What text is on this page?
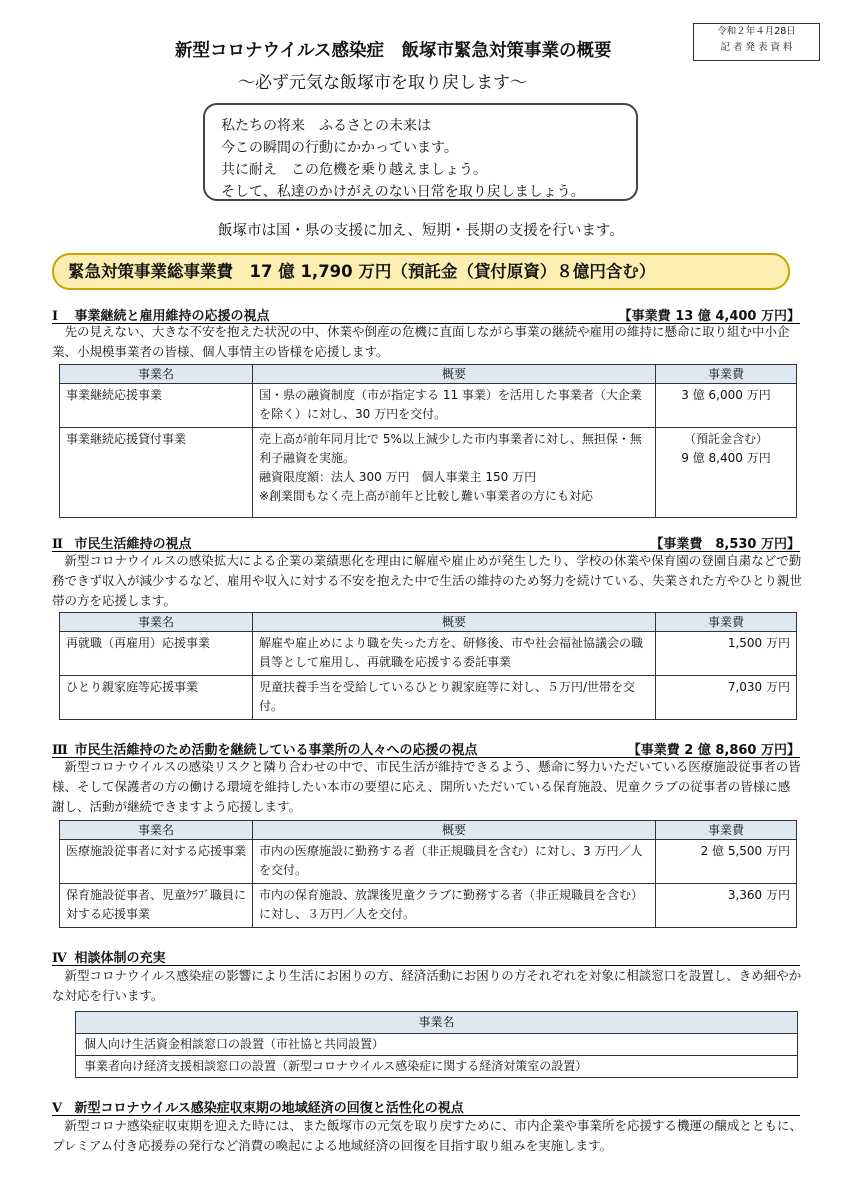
令和２年４月28日
記 者 発 表 資 料
新型コロナウイルス感染症　飯塚市緊急対策事業の概要
～必ず元気な飯塚市を取り戻します～
私たちの将来　ふるさとの未来は
今この瞬間の行動にかかっています。
共に耐え　この危機を乗り越えましょう。
そして、私達のかけがえのない日常を取り戻しましょう。
飯塚市は国・県の支援に加え、短期・長期の支援を行います。
緊急対策事業総事業費　17 億 1,790 万円（預託金（貸付原資）８億円含む）
Ⅰ 事業継続と雇用維持の応援の視点	【事業費 13 億 4,400 万円】
　先の見えない、大きな不安を抱えた状況の中、休業や倒産の危機に直面しながら事業の継続や雇用の維持に懸命に取り組む中小企業、小規模事業者の皆様、個人事情主の皆様を応援します。
事業名	概要	事業費
事業継続応援事業	国・県の融資制度（市が指定する 11 事業）を活用した事業者（大企業を除く）に対し、30 万円を交付。	3 億 6,000 万円
事業継続応援貸付事業	売上高が前年同月比で 5%以上減少した市内事業者に対し、無担保・無利子融資を実施。
融資限度額：法人 300 万円　個人事業主 150 万円
※創業間もなく売上高が前年と比較し難い事業者の方にも対応	（預託金含む）
9 億 8,400 万円
Ⅱ 市民生活維持の視点	【事業費　8,530 万円】
　新型コロナウイルスの感染拡大による企業の業績悪化を理由に解雇や雇止めが発生したり、学校の休業や保育園の登園自粛などで勤務できず収入が減少するなど、雇用や収入に対する不安を抱えた中で生活の維持のため努力を続けている、失業された方やひとり親世帯の方を応援します。
事業名	概要	事業費
再就職（再雇用）応援事業	解雇や雇止めにより職を失った方を、研修後、市や社会福祉協議会の職員等として雇用し、再就職を応援する委託事業	1,500 万円
ひとり親家庭等応援事業	児童扶養手当を受給しているひとり親家庭等に対し、５万円/世帯を交付。	7,030 万円
Ⅲ 市民生活維持のため活動を継続している事業所の人々への応援の視点	【事業費 2 億 8,860 万円】
　新型コロナウイルスの感染リスクと隣り合わせの中で、市民生活が維持できるよう、懸命に努力いただいている医療施設従事者の皆様、そして保護者の方の働ける環境を維持したい本市の要望に応え、開所いただいている保育施設、児童クラブの従事者の皆様に感謝し、活動が継続できますよう応援します。
事業名	概要	事業費
医療施設従事者に対する応援事業	市内の医療施設に勤務する者（非正規職員を含む）に対し、3 万円／人を交付。	2 億 5,500 万円
保育施設従事者、児童ｸﾗﾌﾞ職員に対する応援事業	市内の保育施設、放課後児童クラブに勤務する者（非正規職員を含む）に対し、３万円／人を交付。	3,360 万円
Ⅳ 相談体制の充実
　新型コロナウイルス感染症の影響により生活にお困りの方、経済活動にお困りの方それぞれを対象に相談窓口を設置し、きめ細やかな対応を行います。
事業名
個人向け生活資金相談窓口の設置（市社協と共同設置）
事業者向け経済支援相談窓口の設置（新型コロナウイルス感染症に関する経済対策室の設置）
Ⅴ 新型コロナウイルス感染症収束期の地域経済の回復と活性化の視点
　新型コロナ感染症収束期を迎えた時には、また飯塚市の元気を取り戻すために、市内企業や事業所を応援する機運の醸成とともに、プレミアム付き応援券の発行など消費の喚起による地域経済の回復を目指す取り組みを実施します。
